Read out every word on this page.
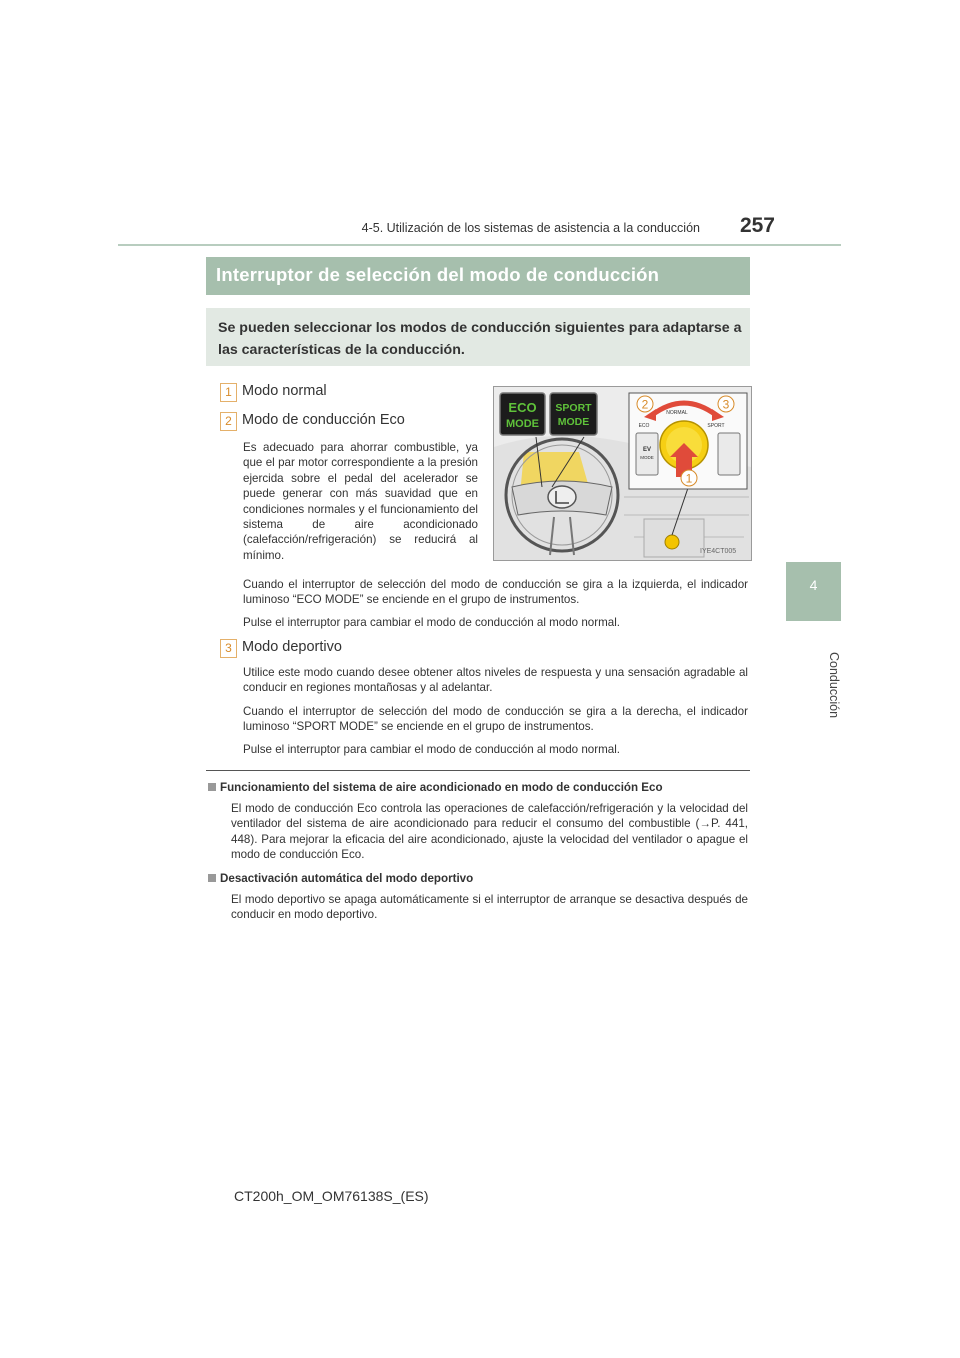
4-5. Utilización de los sistemas de asistencia a la conducción	257
4
Conducción
Interruptor de selección del modo de conducción
Se pueden seleccionar los modos de conducción siguientes para adaptarse a las características de la conducción.
1 Modo normal
2 Modo de conducción Eco
Es adecuado para ahorrar combustible, ya que el par motor correspondiente a la presión ejercida sobre el pedal del acelerador se puede generar con más suavidad que en condiciones normales y el funcionamiento del sistema de aire acondicionado (calefacción/refrigeración) se reducirá al mínimo.
Cuando el interruptor de selección del modo de conducción se gira a la izquierda, el indicador luminoso “ECO MODE” se enciende en el grupo de instrumentos.
Pulse el interruptor para cambiar el modo de conducción al modo normal.
3 Modo deportivo
Utilice este modo cuando desee obtener altos niveles de respuesta y una sensación agradable al conducir en regiones montañosas y al adelantar.
Cuando el interruptor de selección del modo de conducción se gira a la derecha, el indicador luminoso “SPORT MODE” se enciende en el grupo de instrumentos.
Pulse el interruptor para cambiar el modo de conducción al modo normal.
ECO
MODE
SPORT
MODE
EV
MODE
NORMAL
ECO	SPORT
2	3
1
IYE4CT005
Funcionamiento del sistema de aire acondicionado en modo de conducción Eco
El modo de conducción Eco controla las operaciones de calefacción/refrigeración y la velocidad del ventilador del sistema de aire acondicionado para reducir el consumo del combustible (→P. 441, 448). Para mejorar la eficacia del aire acondicionado, ajuste la velocidad del ventilador o apague el modo de conducción Eco.
Desactivación automática del modo deportivo
El modo deportivo se apaga automáticamente si el interruptor de arranque se desactiva después de conducir en modo deportivo.
CT200h_OM_OM76138S_(ES)
